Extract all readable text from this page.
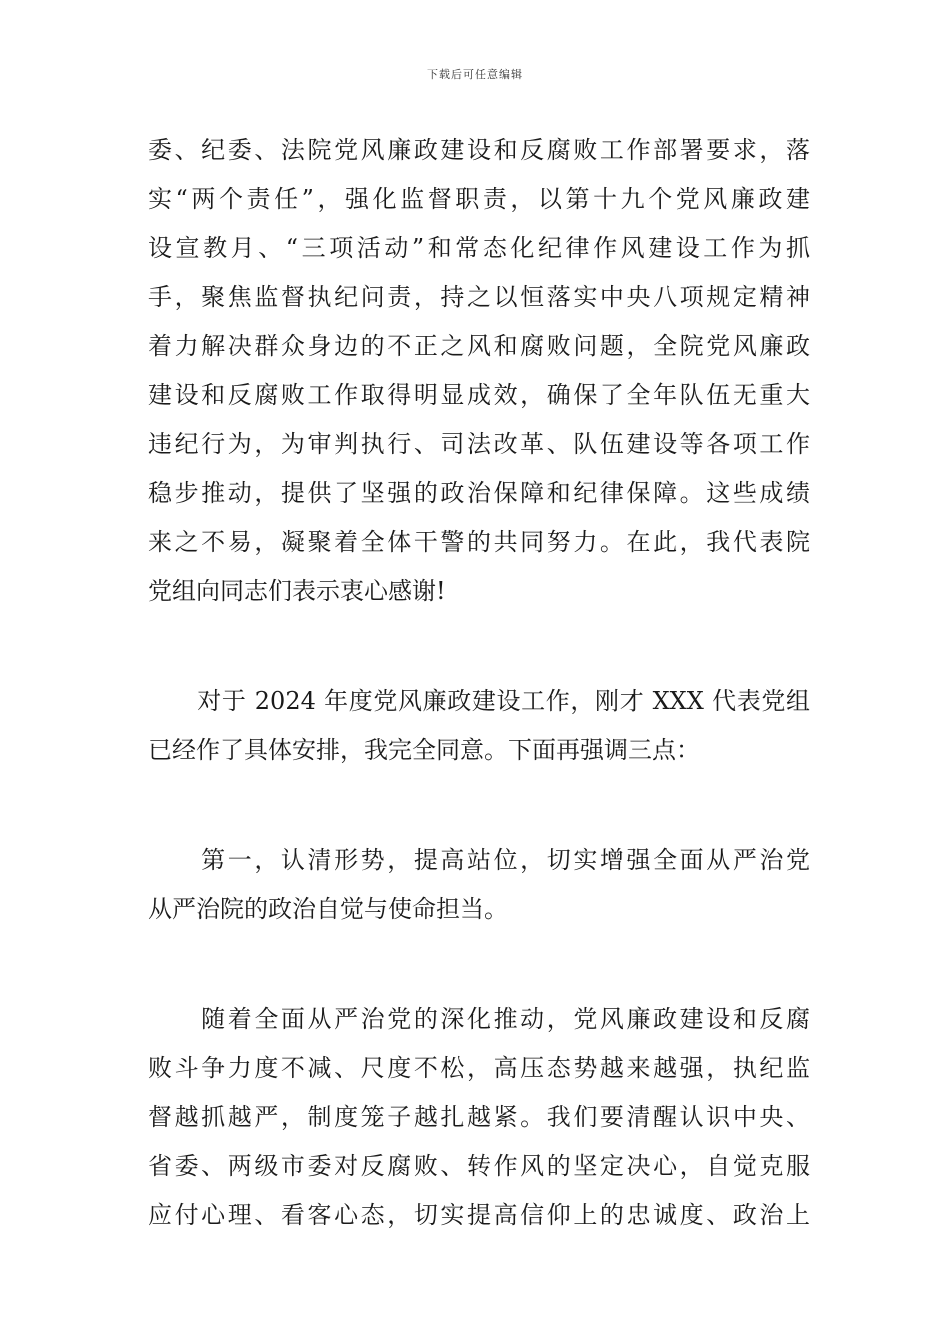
下载后可任意编辑
委、纪委、法院党风廉政建设和反腐败工作部署要求，落
实“两个责任”，强化监督职责，以第十九个党风廉政建
设宣教月、“三项活动”和常态化纪律作风建设工作为抓
手，聚焦监督执纪问责，持之以恒落实中央八项规定精神
着力解决群众身边的不正之风和腐败问题，全院党风廉政
建设和反腐败工作取得明显成效，确保了全年队伍无重大
违纪行为，为审判执行、司法改革、队伍建设等各项工作
稳步推动，提供了坚强的政治保障和纪律保障。这些成绩
来之不易，凝聚着全体干警的共同努力。在此，我代表院
党组向同志们表示衷心感谢!
　　对于 2024 年度党风廉政建设工作，刚才 XXX 代表党组
已经作了具体安排，我完全同意。下面再强调三点：
　　第一，认清形势，提高站位，切实增强全面从严治党
从严治院的政治自觉与使命担当。
　　随着全面从严治党的深化推动，党风廉政建设和反腐
败斗争力度不减、尺度不松，高压态势越来越强，执纪监
督越抓越严，制度笼子越扎越紧。我们要清醒认识中央、
省委、两级市委对反腐败、转作风的坚定决心，自觉克服
应付心理、看客心态，切实提高信仰上的忠诚度、政治上
